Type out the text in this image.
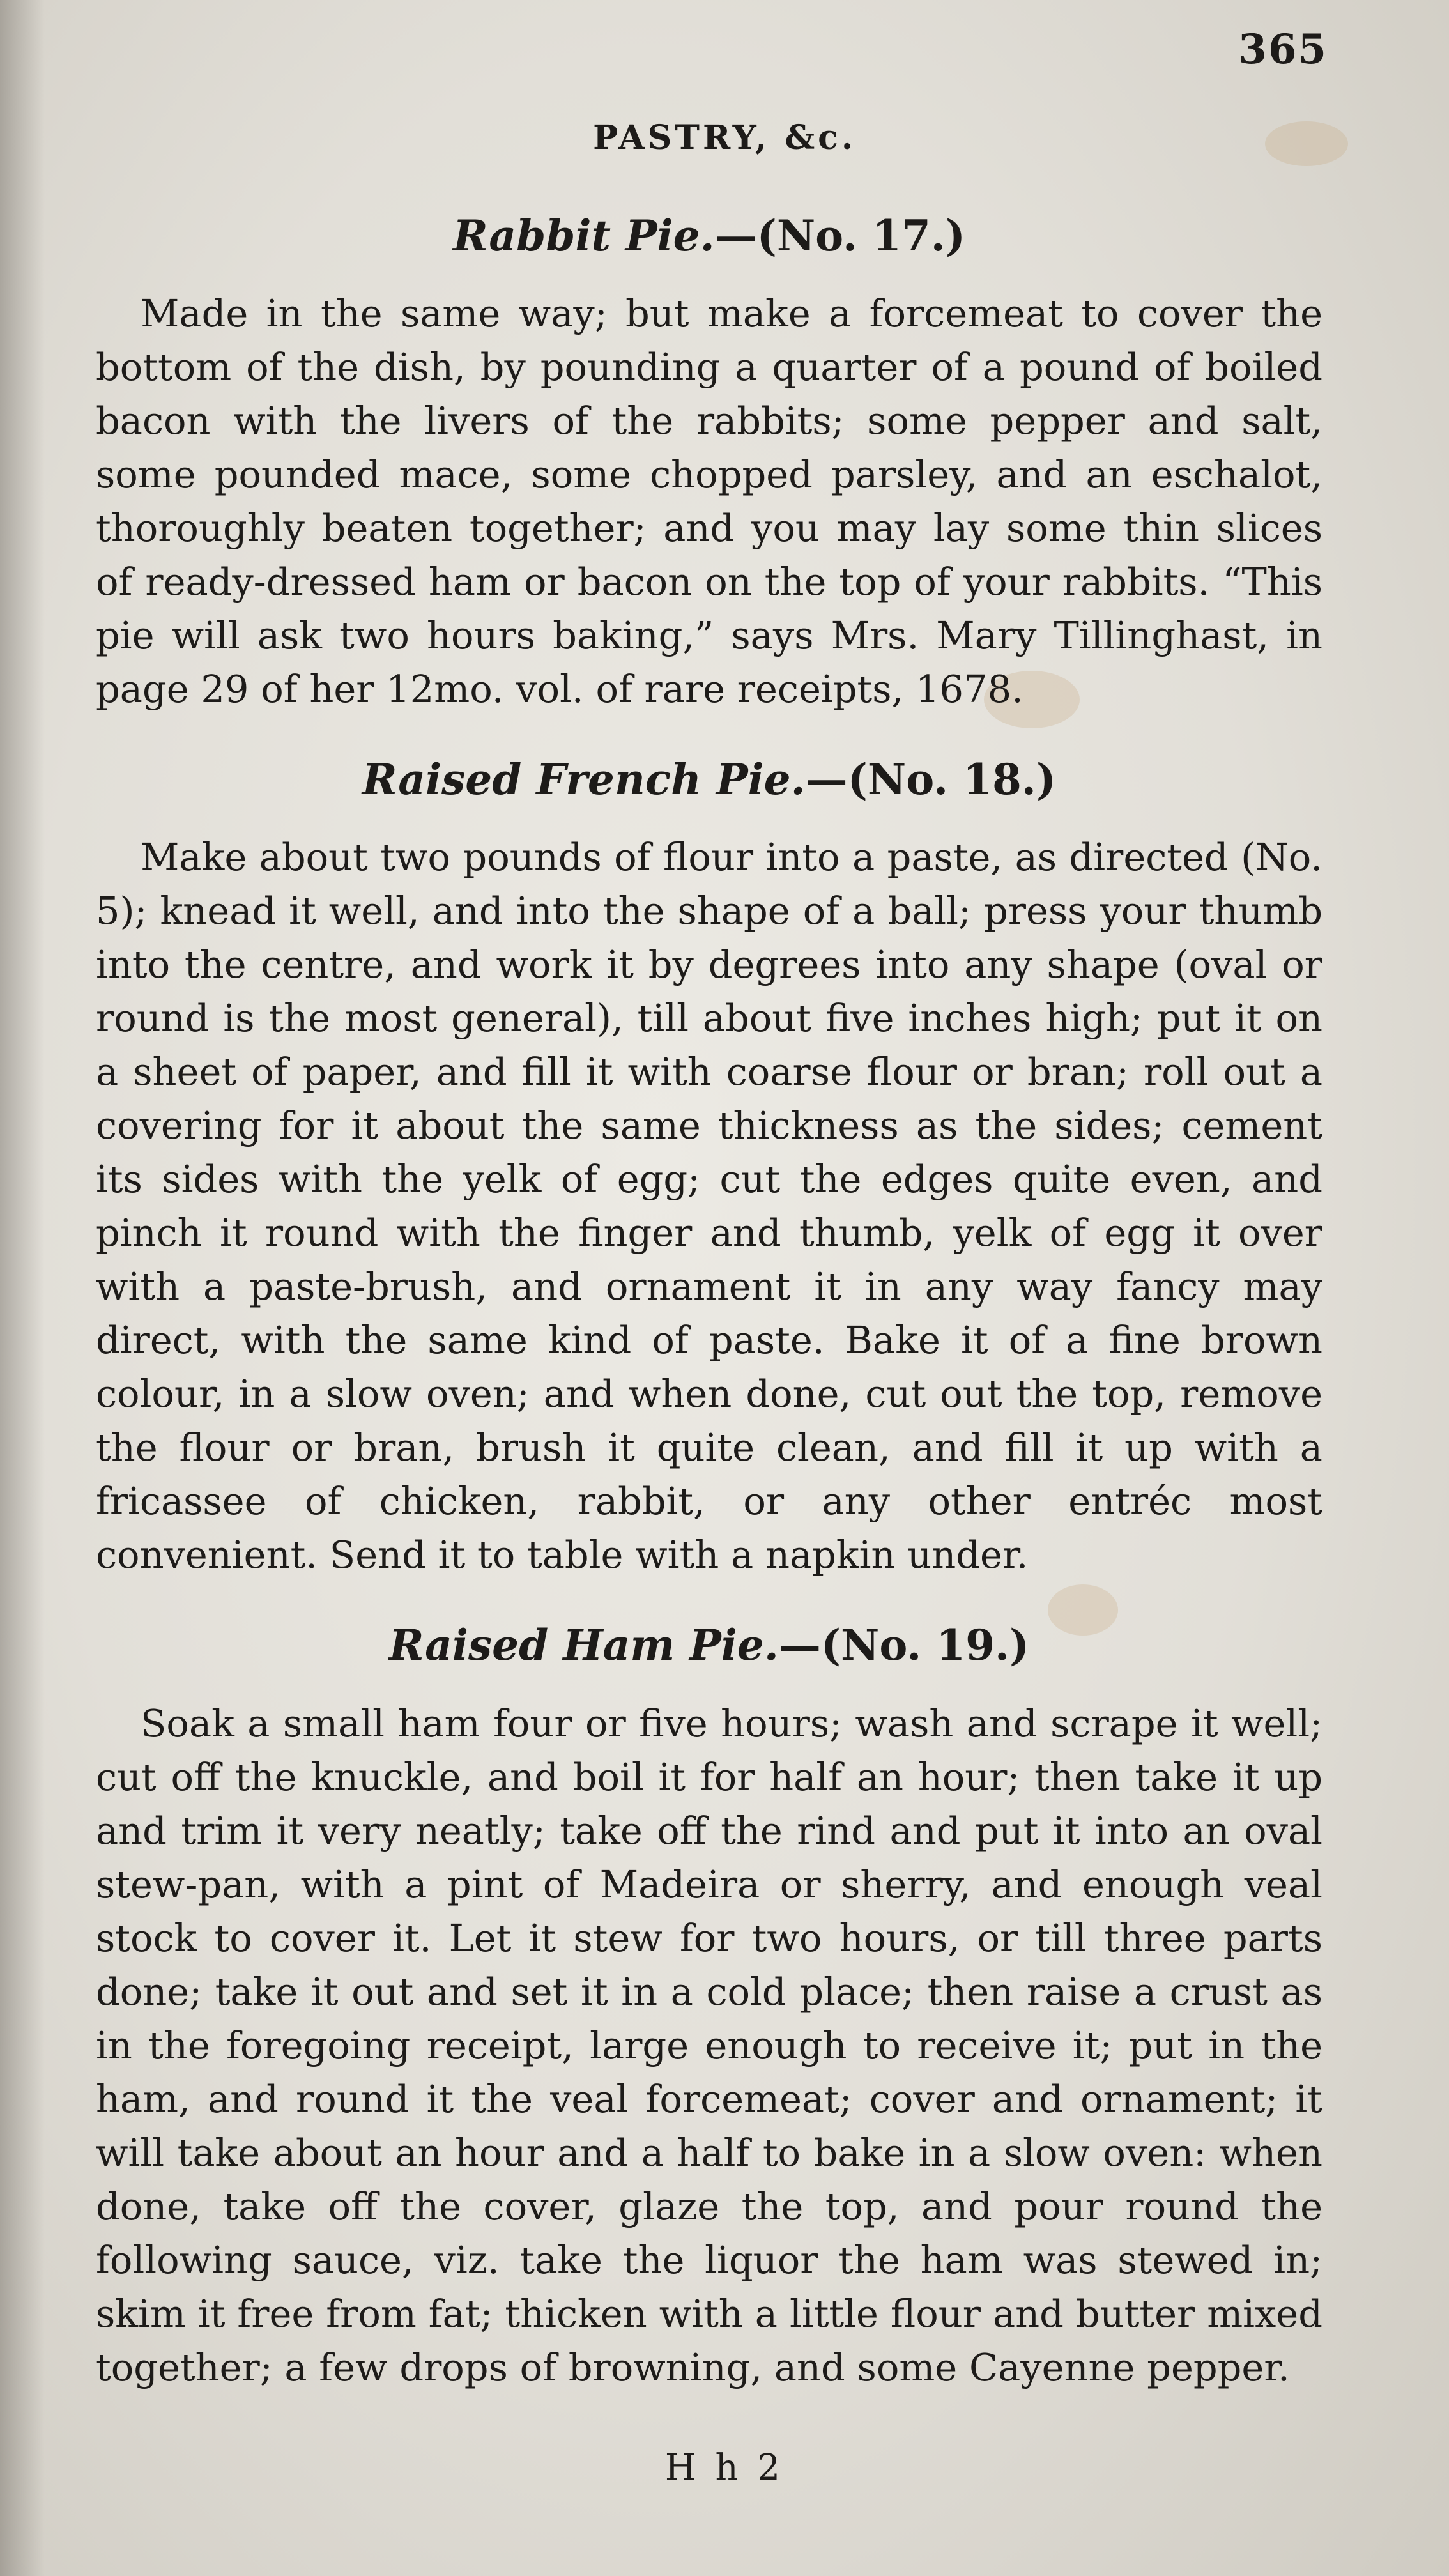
365
PASTRY, &c.
Rabbit Pie.—(No. 17.)

Made in the same way; but make a forcemeat to cover the bottom of the dish, by pounding a quarter of a pound of boiled bacon with the livers of the rabbits; some pepper and salt, some pounded mace, some chopped parsley, and an eschalot, thoroughly beaten together; and you may lay some thin slices of ready-dressed ham or bacon on the top of your rabbits. “This pie will ask two hours baking,” says Mrs. Mary Tillinghast, in page 29 of her 12mo. vol. of rare receipts, 1678.

Raised French Pie.—(No. 18.)

Make about two pounds of flour into a paste, as directed (No. 5); knead it well, and into the shape of a ball; press your thumb into the centre, and work it by degrees into any shape (oval or round is the most general), till about five inches high; put it on a sheet of paper, and fill it with coarse flour or bran; roll out a covering for it about the same thickness as the sides; cement its sides with the yelk of egg; cut the edges quite even, and pinch it round with the finger and thumb, yelk of egg it over with a paste-brush, and ornament it in any way fancy may direct, with the same kind of paste. Bake it of a fine brown colour, in a slow oven; and when done, cut out the top, remove the flour or bran, brush it quite clean, and fill it up with a fricassee of chicken, rabbit, or any other entréc most convenient. Send it to table with a napkin under.

Raised Ham Pie.—(No. 19.)

Soak a small ham four or five hours; wash and scrape it well; cut off the knuckle, and boil it for half an hour; then take it up and trim it very neatly; take off the rind and put it into an oval stew-pan, with a pint of Madeira or sherry, and enough veal stock to cover it. Let it stew for two hours, or till three parts done; take it out and set it in a cold place; then raise a crust as in the foregoing receipt, large enough to receive it; put in the ham, and round it the veal forcemeat; cover and ornament; it will take about an hour and a half to bake in a slow oven: when done, take off the cover, glaze the top, and pour round the following sauce, viz. take the liquor the ham was stewed in; skim it free from fat; thicken with a little flour and butter mixed together; a few drops of browning, and some Cayenne pepper.

H h 2
